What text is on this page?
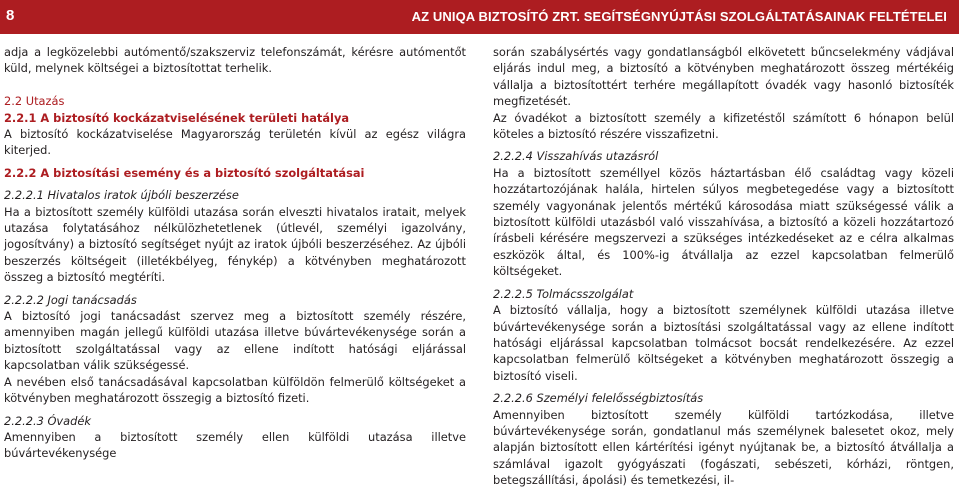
8	AZ UNIQA BIZTOSÍTÓ ZRT. SEGÍTSÉGNYÚJTÁSI SZOLGÁLTATÁSAINAK FELTÉTELEI

adja a legközelebbi autómentő/szakszerviz telefonszámát, kérésre autómentőt küld, melynek költségei a biztosítottat terhelik.

2.2 Utazás

2.2.1 A biztosító kockázatviselésének területi hatálya

A biztosító kockázatviselése Magyarország területén kívül az egész világra kiterjed.

2.2.2 A biztosítási esemény és a biztosító szolgáltatásai

2.2.2.1 Hivatalos iratok újbóli beszerzése

Ha a biztosított személy külföldi utazása során elveszti hivatalos iratait, melyek utazása folytatásához nélkülözhetetlenek (útlevél, személyi igazolvány, jogosítvány) a biztosító segítséget nyújt az iratok újbóli beszerzéséhez. Az újbóli beszerzés költségeit (illetékbélyeg, fénykép) a kötvényben meghatározott összeg a biztosító megtéríti.

2.2.2.2 Jogi tanácsadás

A biztosító jogi tanácsadást szervez meg a biztosított személy részére, amennyiben magán jellegű külföldi utazása illetve búvártevékenysége során a biztosított szolgáltatással vagy az ellene indított hatósági eljárással kapcsolatban válik szükségessé.

A nevében első tanácsadásával kapcsolatban külföldön felmerülő költségeket a kötvényben meghatározott összegig a biztosító fizeti.

2.2.2.3 Óvadék

Amennyiben a biztosított személy ellen külföldi utazása illetve búvártevékenysége

során szabálysértés vagy gondatlanságból elkövetett bűncselekmény vádjával eljárás indul meg, a biztosító a kötvényben meghatározott összeg mértékéig vállalja a biztosítottért terhére megállapított óvadék vagy hasonló biztosíték megfizetését.

Az óvadékot a biztosított személy a kifizetéstől számított 6 hónapon belül köteles a biztosító részére visszafizetni.

2.2.2.4 Visszahívás utazásról

Ha a biztosított személlyel közös háztartásban élő családtag vagy közeli hozzátartozójának halála, hirtelen súlyos megbetegedése vagy a biztosított személy vagyonának jelentős mértékű károsodása miatt szükségessé válik a biztosított külföldi utazásból való visszahívása, a biztosító a közeli hozzátartozó írásbeli kérésére megszervezi a szükséges intézkedéseket az e célra alkalmas eszközök által, és 100%-ig átvállalja az ezzel kapcsolatban felmerülő költségeket.

2.2.2.5 Tolmácsszolgálat

A biztosító vállalja, hogy a biztosított személynek külföldi utazása illetve búvártevékenysége során a biztosítási szolgáltatással vagy az ellene indított hatósági eljárással kapcsolatban tolmácsot bocsát rendelkezésére. Az ezzel kapcsolatban felmerülő költségeket a kötvényben meghatározott összegig a biztosító viseli.

2.2.2.6 Személyi felelősségbiztosítás

Amennyiben biztosított személy külföldi tartózkodása, illetve búvártevékenysége során, gondatlanul más személynek balesetet okoz, mely alapján biztosított ellen kártérítési igényt nyújtanak be, a biztosító átvállalja a számlával igazolt gyógyászati (fogászati, sebészeti, kórházi, röntgen, betegszállítási, ápolási) és temetkezési, il-
